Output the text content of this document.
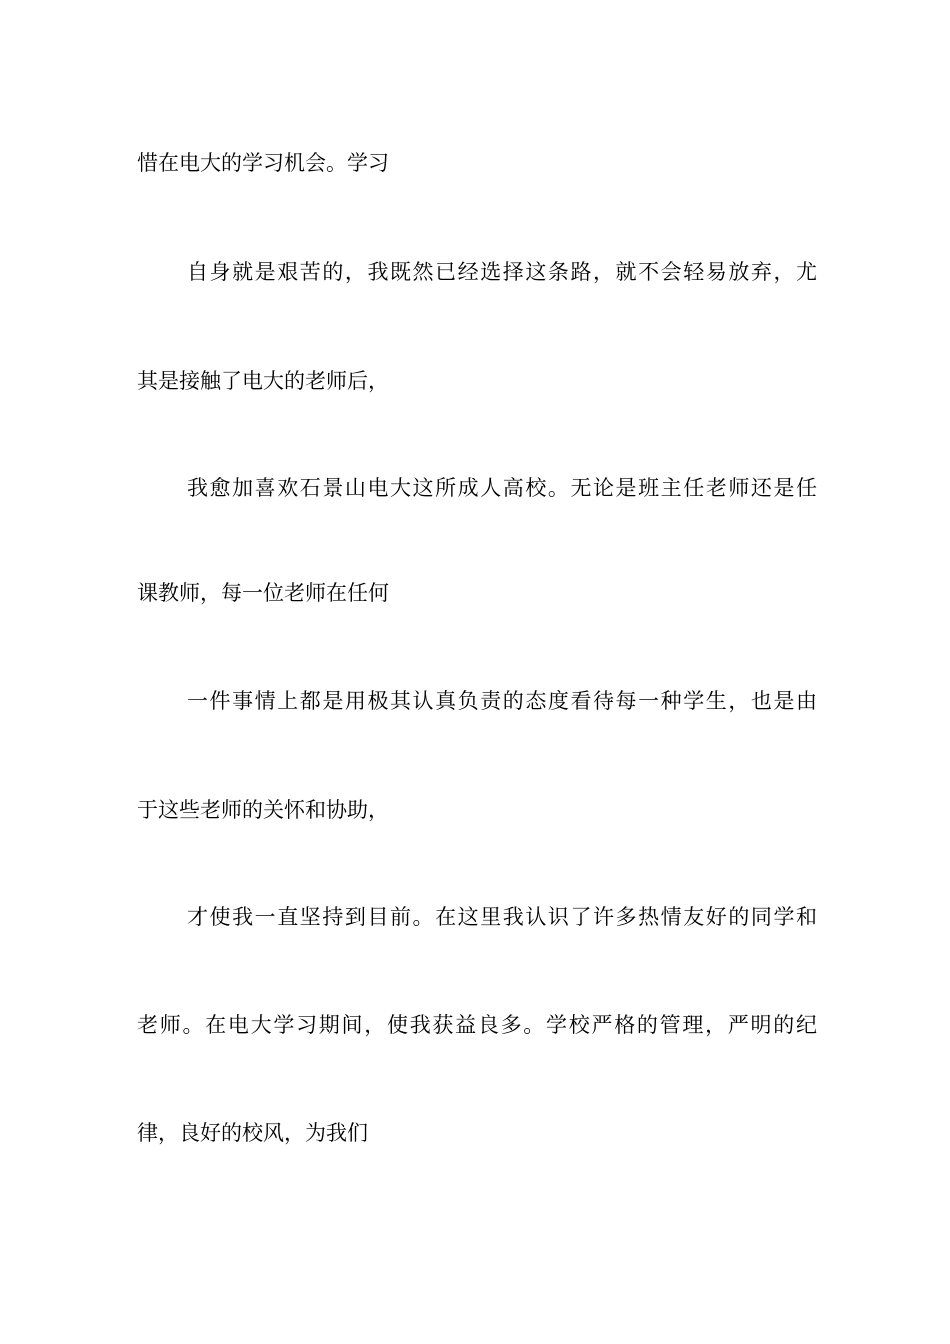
惜在电大的学习机会。学习
自身就是艰苦的，我既然已经选择这条路，就不会轻易放弃，尤
其是接触了电大的老师后，
我愈加喜欢石景山电大这所成人高校。无论是班主任老师还是任
课教师，每一位老师在任何
一件事情上都是用极其认真负责的态度看待每一种学生，也是由
于这些老师的关怀和协助，
才使我一直坚持到目前。在这里我认识了许多热情友好的同学和
老师。在电大学习期间，使我获益良多。学校严格的管理，严明的纪
律，良好的校风，为我们
